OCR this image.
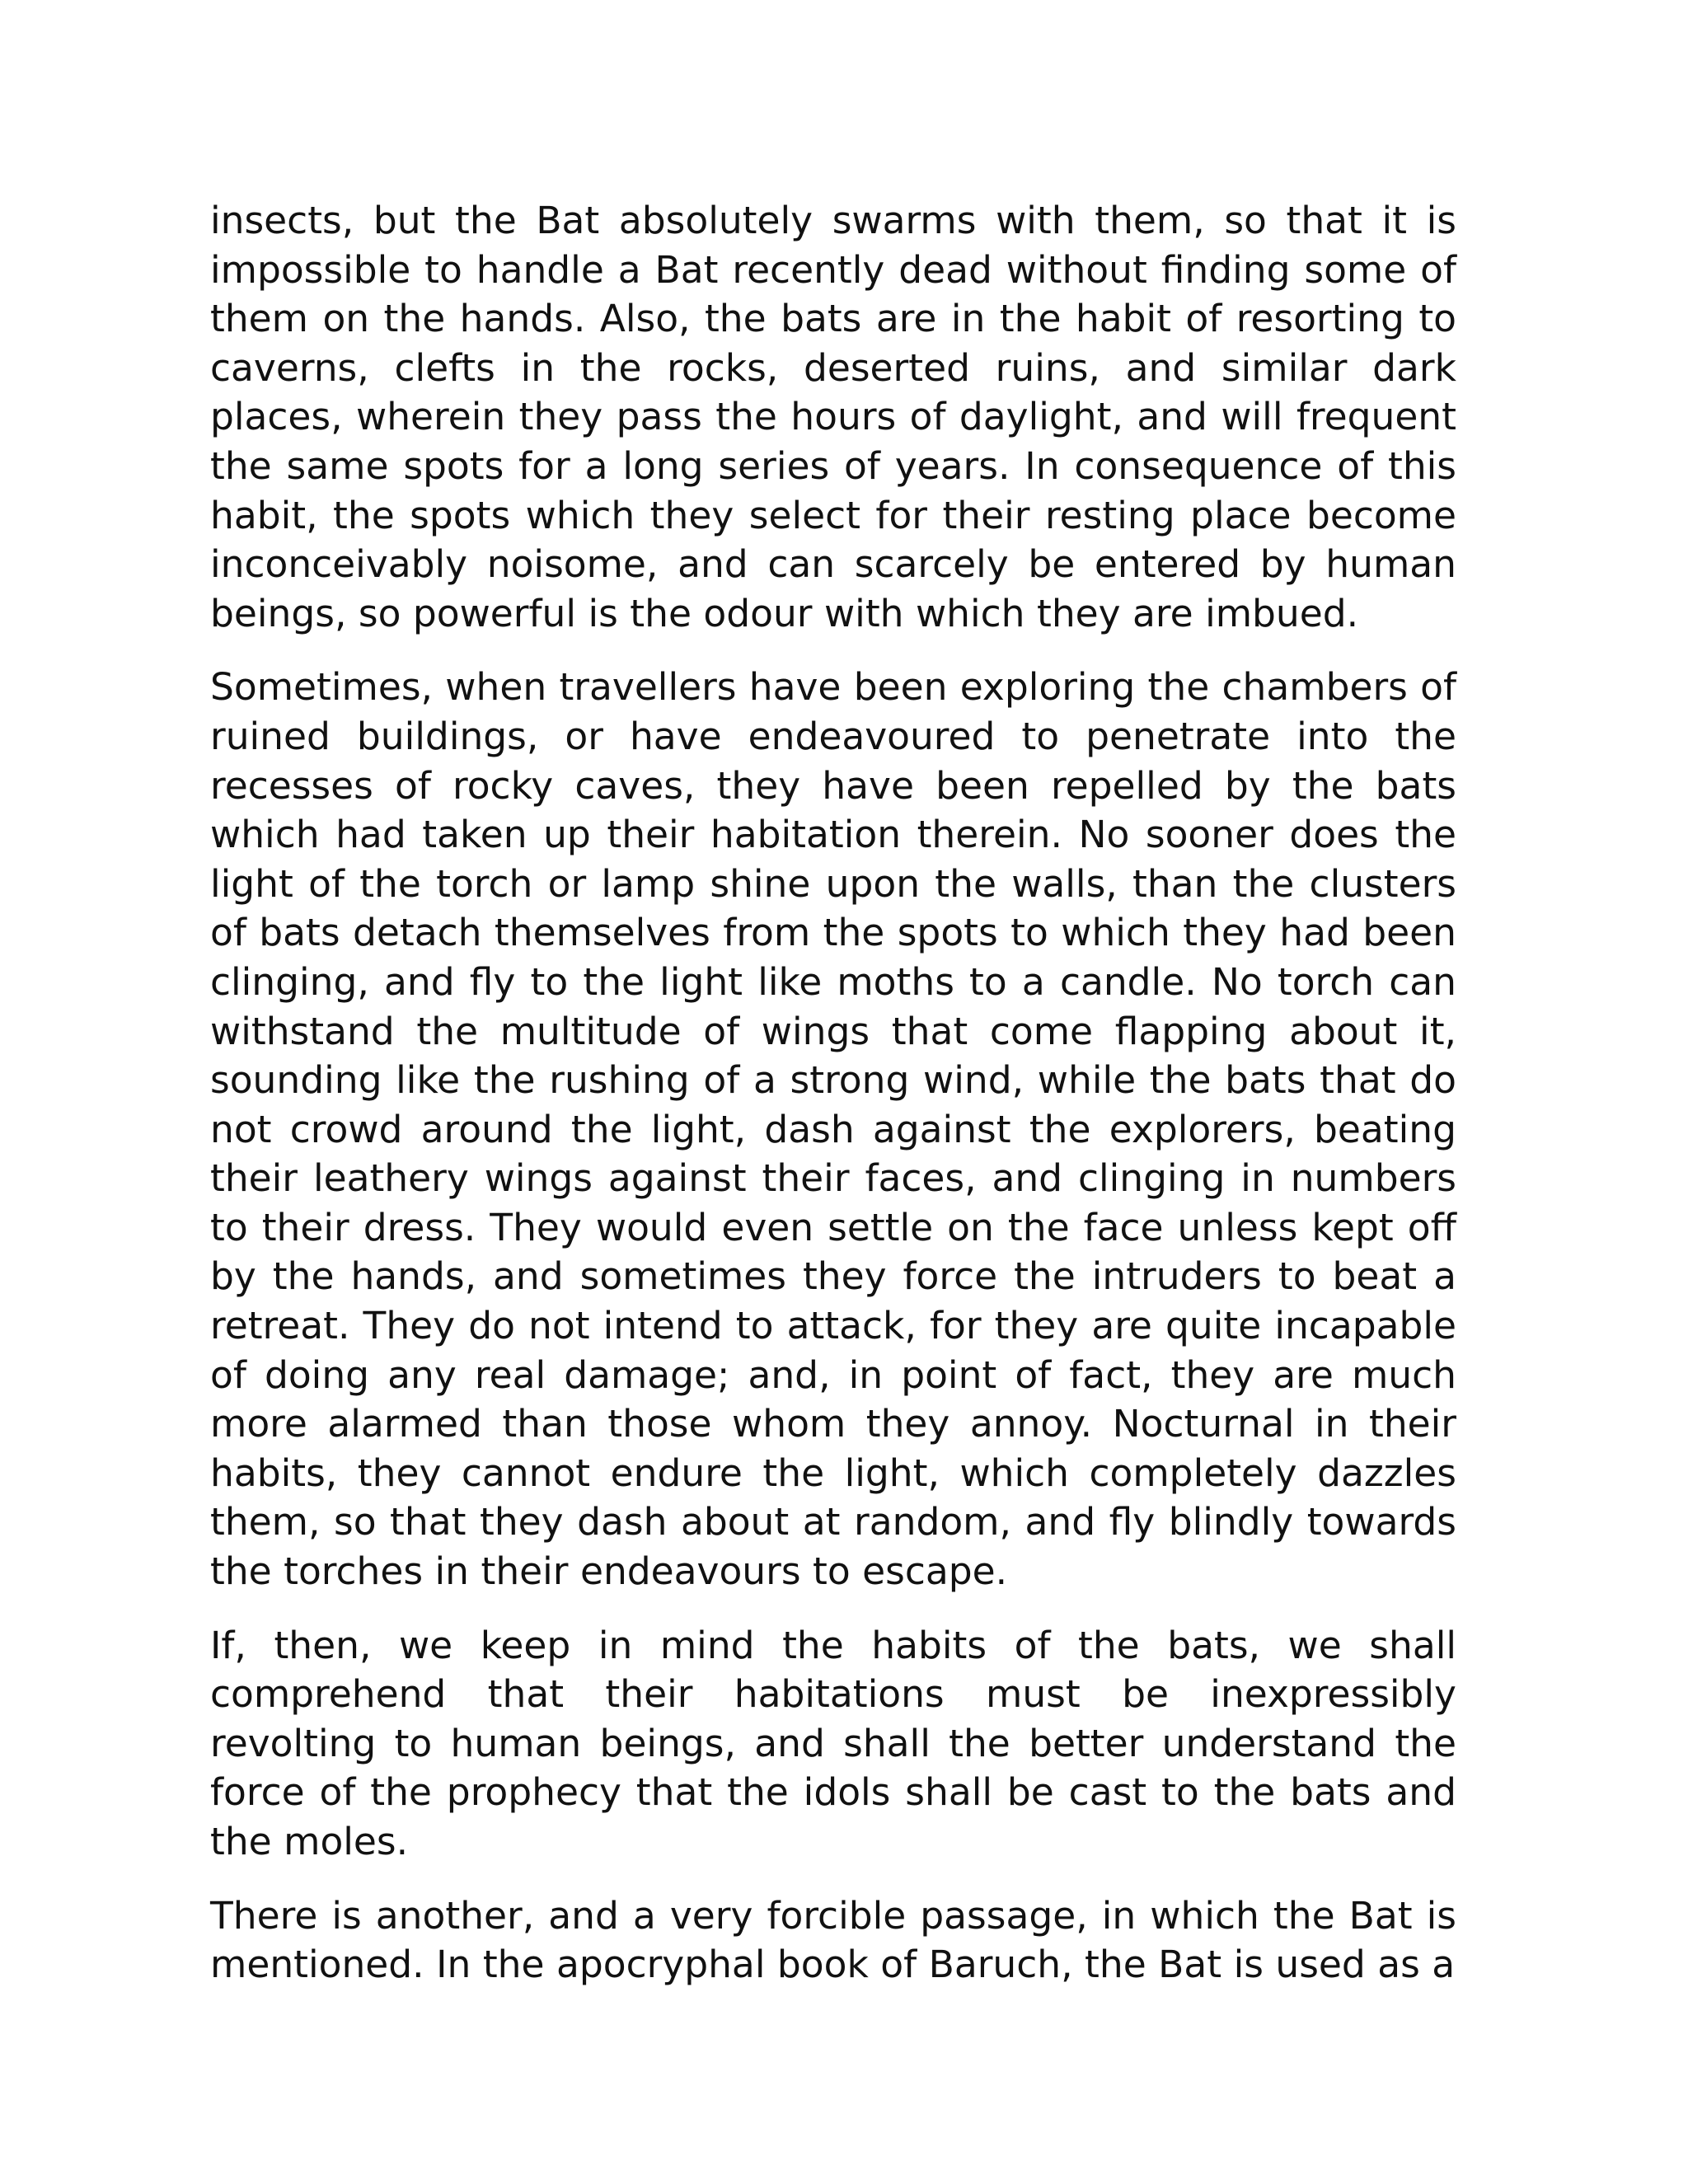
insects, but the Bat absolutely swarms with them, so that it is impossible to handle a Bat recently dead without finding some of them on the hands. Also, the bats are in the habit of resorting to caverns, clefts in the rocks, deserted ruins, and similar dark places, wherein they pass the hours of daylight, and will frequent the same spots for a long series of years. In consequence of this habit, the spots which they select for their resting place become inconceivably noisome, and can scarcely be entered by human beings, so powerful is the odour with which they are imbued.

Sometimes, when travellers have been exploring the chambers of ruined buildings, or have endeavoured to penetrate into the recesses of rocky caves, they have been repelled by the bats which had taken up their habitation therein. No sooner does the light of the torch or lamp shine upon the walls, than the clusters of bats detach themselves from the spots to which they had been clinging, and fly to the light like moths to a candle. No torch can withstand the multitude of wings that come flapping about it, sounding like the rushing of a strong wind, while the bats that do not crowd around the light, dash against the explorers, beating their leathery wings against their faces, and clinging in numbers to their dress. They would even settle on the face unless kept off by the hands, and sometimes they force the intruders to beat a retreat. They do not intend to attack, for they are quite incapable of doing any real damage; and, in point of fact, they are much more alarmed than those whom they annoy. Nocturnal in their habits, they cannot endure the light, which completely dazzles them, so that they dash about at random, and fly blindly towards the torches in their endeavours to escape.

If, then, we keep in mind the habits of the bats, we shall comprehend that their habitations must be inexpressibly revolting to human beings, and shall the better understand the force of the prophecy that the idols shall be cast to the bats and the moles.

There is another, and a very forcible passage, in which the Bat is mentioned. In the apocryphal book of Baruch, the Bat is used as a
